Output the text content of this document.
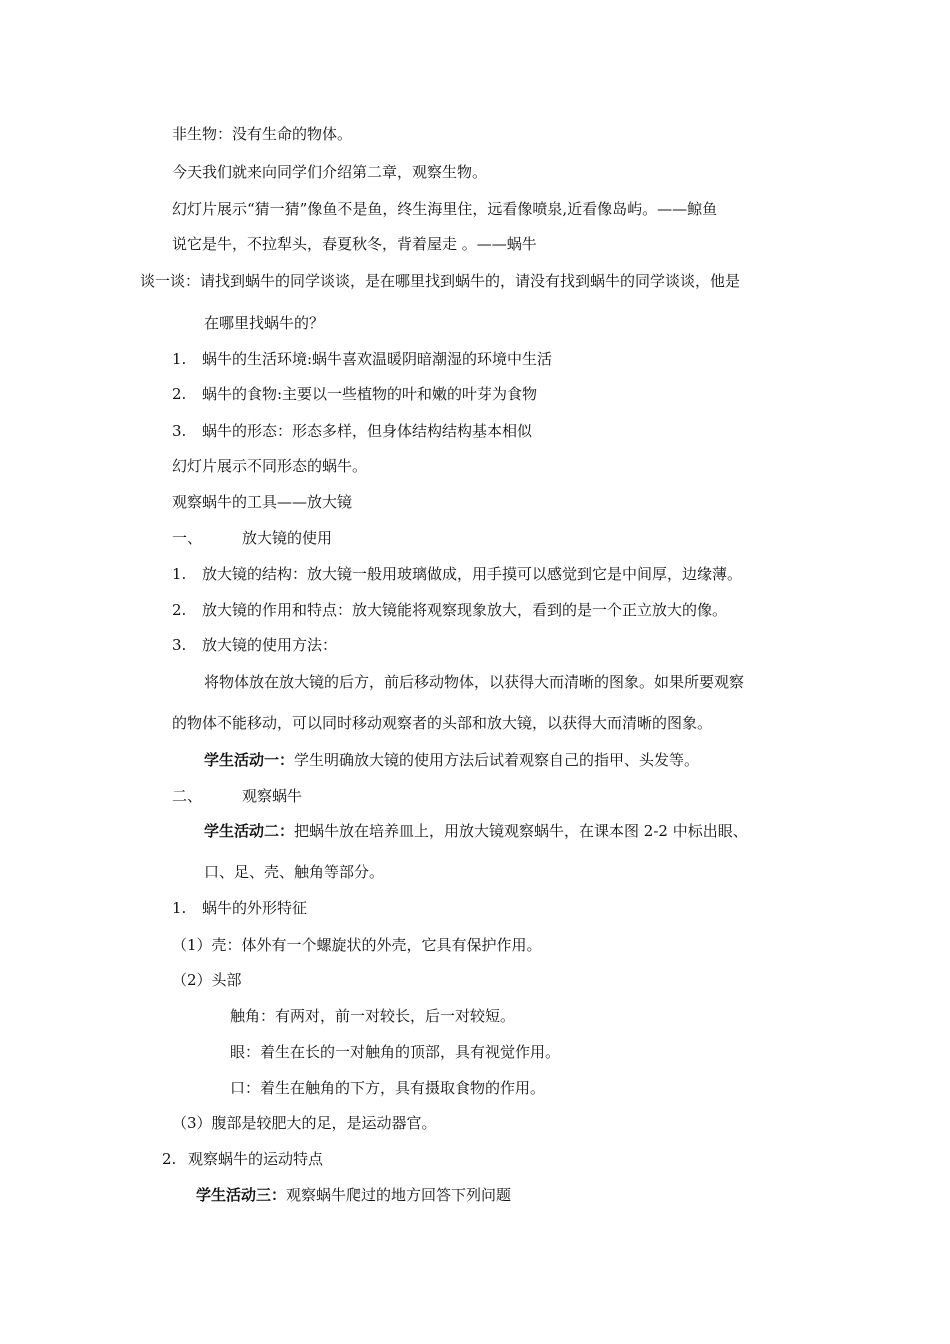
非生物：没有生命的物体。
今天我们就来向同学们介绍第二章，观察生物。
幻灯片展示“猜一猜”像鱼不是鱼，终生海里住，远看像喷泉,近看像岛屿。——鲸鱼
说它是牛，不拉犁头，春夏秋冬，背着屋走 。——蜗牛
谈一谈：请找到蜗牛的同学谈谈，是在哪里找到蜗牛的，请没有找到蜗牛的同学谈谈，他是
在哪里找蜗牛的？
1. 蜗牛的生活环境:蜗牛喜欢温暖阴暗潮湿的环境中生活
2. 蜗牛的食物:主要以一些植物的叶和嫩的叶芽为食物
3. 蜗牛的形态：形态多样，但身体结构结构基本相似
幻灯片展示不同形态的蜗牛。
观察蜗牛的工具——放大镜
一、	放大镜的使用
1. 放大镜的结构：放大镜一般用玻璃做成，用手摸可以感觉到它是中间厚，边缘薄。
2. 放大镜的作用和特点：放大镜能将观察现象放大，看到的是一个正立放大的像。
3. 放大镜的使用方法：
将物体放在放大镜的后方，前后移动物体，以获得大而清晰的图象。如果所要观察
的物体不能移动，可以同时移动观察者的头部和放大镜，以获得大而清晰的图象。
学生活动一：学生明确放大镜的使用方法后试着观察自己的指甲、头发等。
二、	观察蜗牛
学生活动二：把蜗牛放在培养皿上，用放大镜观察蜗牛，在课本图 2-2 中标出眼、
口、足、壳、触角等部分。
1. 蜗牛的外形特征
（1）壳：体外有一个螺旋状的外壳，它具有保护作用。
（2）头部
触角：有两对，前一对较长，后一对较短。
眼：着生在长的一对触角的顶部，具有视觉作用。
口：着生在触角的下方，具有摄取食物的作用。
（3）腹部是较肥大的足，是运动器官。
2. 观察蜗牛的运动特点
学生活动三：观察蜗牛爬过的地方回答下列问题
